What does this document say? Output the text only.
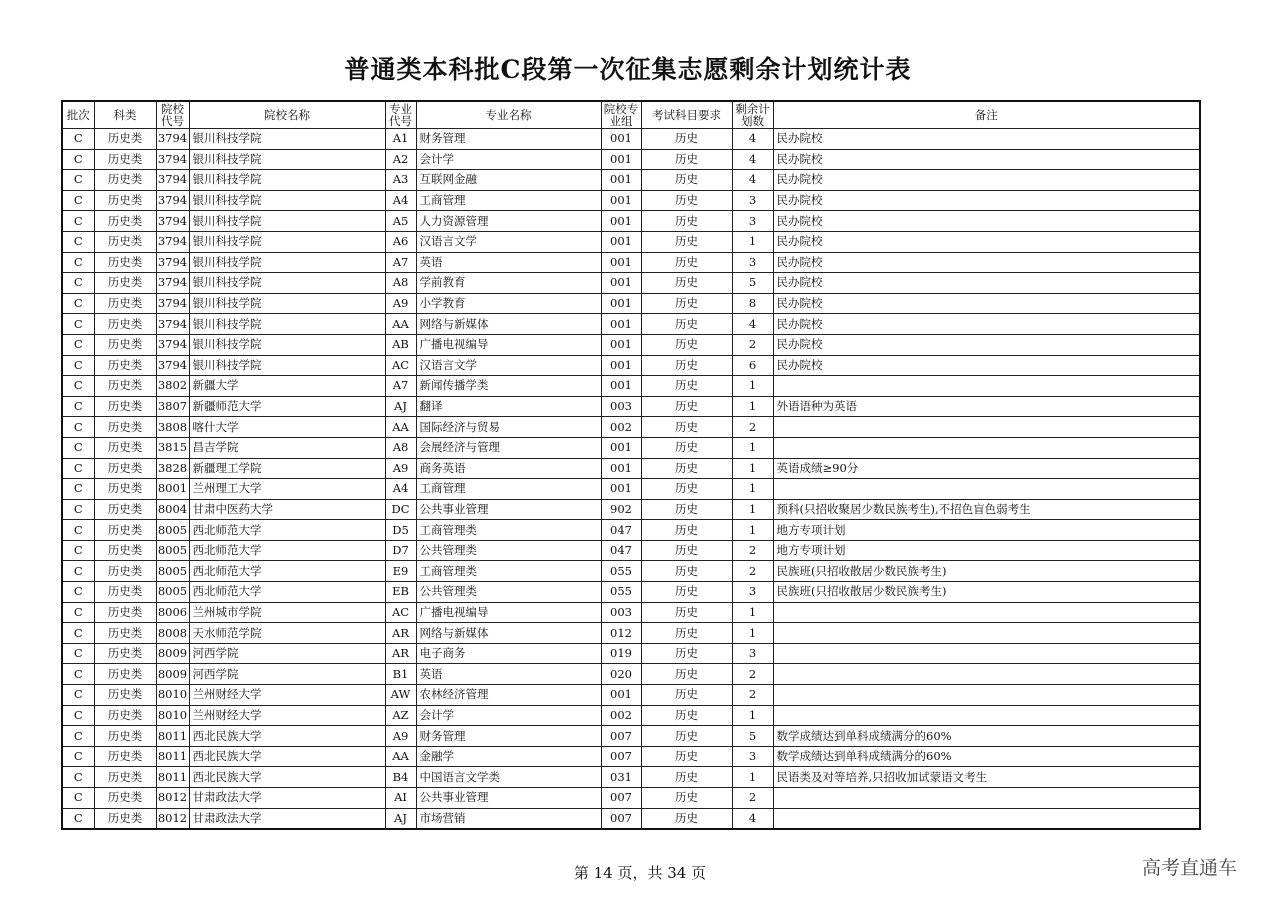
普通类本科批C段第一次征集志愿剩余计划统计表
批次	科类	院校代号	院校名称	专业代号	专业名称	院校专业组	考试科目要求	剩余计划数	备注
C	历史类	3794	银川科技学院	A1	财务管理	001	历史	4	民办院校
C	历史类	3794	银川科技学院	A2	会计学	001	历史	4	民办院校
C	历史类	3794	银川科技学院	A3	互联网金融	001	历史	4	民办院校
C	历史类	3794	银川科技学院	A4	工商管理	001	历史	3	民办院校
C	历史类	3794	银川科技学院	A5	人力资源管理	001	历史	3	民办院校
C	历史类	3794	银川科技学院	A6	汉语言文学	001	历史	1	民办院校
C	历史类	3794	银川科技学院	A7	英语	001	历史	3	民办院校
C	历史类	3794	银川科技学院	A8	学前教育	001	历史	5	民办院校
C	历史类	3794	银川科技学院	A9	小学教育	001	历史	8	民办院校
C	历史类	3794	银川科技学院	AA	网络与新媒体	001	历史	4	民办院校
C	历史类	3794	银川科技学院	AB	广播电视编导	001	历史	2	民办院校
C	历史类	3794	银川科技学院	AC	汉语言文学	001	历史	6	民办院校
C	历史类	3802	新疆大学	A7	新闻传播学类	001	历史	1	
C	历史类	3807	新疆师范大学	AJ	翻译	003	历史	1	外语语种为英语
C	历史类	3808	喀什大学	AA	国际经济与贸易	002	历史	2	
C	历史类	3815	昌吉学院	A8	会展经济与管理	001	历史	1	
C	历史类	3828	新疆理工学院	A9	商务英语	001	历史	1	英语成绩≥90分
C	历史类	8001	兰州理工大学	A4	工商管理	001	历史	1	
C	历史类	8004	甘肃中医药大学	DC	公共事业管理	902	历史	1	预科(只招收聚居少数民族考生),不招色盲色弱考生
C	历史类	8005	西北师范大学	D5	工商管理类	047	历史	1	地方专项计划
C	历史类	8005	西北师范大学	D7	公共管理类	047	历史	2	地方专项计划
C	历史类	8005	西北师范大学	E9	工商管理类	055	历史	2	民族班(只招收散居少数民族考生)
C	历史类	8005	西北师范大学	EB	公共管理类	055	历史	3	民族班(只招收散居少数民族考生)
C	历史类	8006	兰州城市学院	AC	广播电视编导	003	历史	1	
C	历史类	8008	天水师范学院	AR	网络与新媒体	012	历史	1	
C	历史类	8009	河西学院	AR	电子商务	019	历史	3	
C	历史类	8009	河西学院	B1	英语	020	历史	2	
C	历史类	8010	兰州财经大学	AW	农林经济管理	001	历史	2	
C	历史类	8010	兰州财经大学	AZ	会计学	002	历史	1	
C	历史类	8011	西北民族大学	A9	财务管理	007	历史	5	数学成绩达到单科成绩满分的60%
C	历史类	8011	西北民族大学	AA	金融学	007	历史	3	数学成绩达到单科成绩满分的60%
C	历史类	8011	西北民族大学	B4	中国语言文学类	031	历史	1	民语类及对等培养,只招收加试蒙语文考生
C	历史类	8012	甘肃政法大学	AI	公共事业管理	007	历史	2	
C	历史类	8012	甘肃政法大学	AJ	市场营销	007	历史	4	
第 14 页，共 34 页	高考直通车
